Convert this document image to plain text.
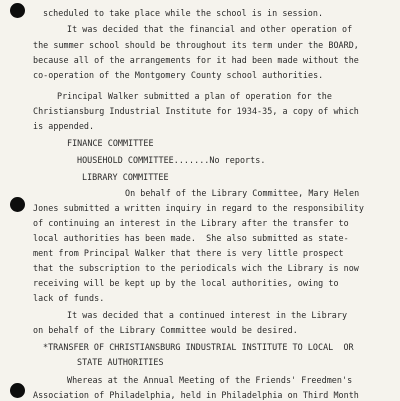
scheduled to take place while the school is in session.
It was decided that the financial and other operation of
the summer school should be throughout its term under the BOARD,
because all of the arrangements for it had been made without the
co-operation of the Montgomery County school authorities.
Principal Walker submitted a plan of operation for the
Christiansburg Industrial Institute for 1934-35, a copy of which
is appended.
FINANCE COMMITTEE
HOUSEHOLD COMMITTEE.......No reports.
LIBRARY COMMITTEE
On behalf of the Library Committee, Mary Helen
Jones submitted a written inquiry in regard to the responsibility
of continuing an interest in the Library after the transfer to
local authorities has been made.  She also submitted as state-
ment from Principal Walker that there is very little prospect
that the subscription to the periodicals wich the Library is now
receiving will be kept up by the local authorities, owing to
lack of funds.
It was decided that a continued interest in the Library
on behalf of the Library Committee would be desired.
*TRANSFER OF CHRISTIANSBURG INDUSTRIAL INSTITUTE TO LOCAL  OR
STATE AUTHORITIES
Whereas at the Annual Meeting of the Friends' Freedmen's
Association of Philadelphia, held in Philadelphia on Third Month
